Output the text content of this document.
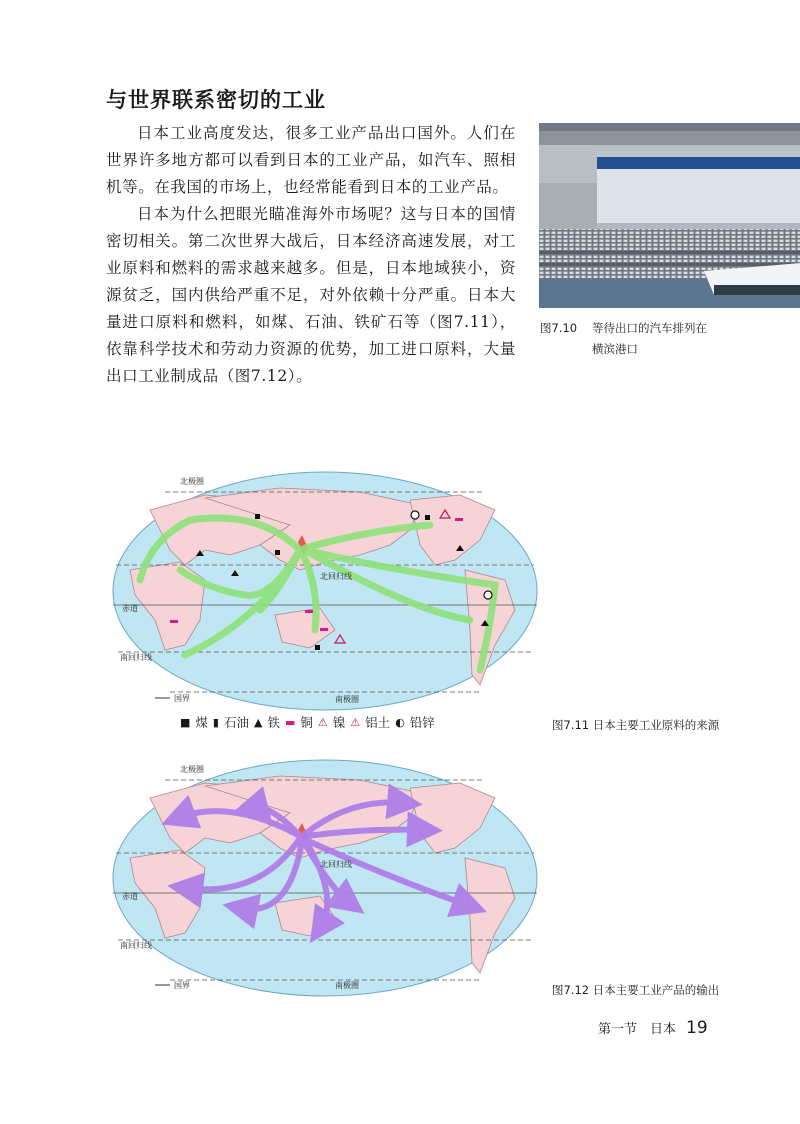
与世界联系密切的工业

日本工业高度发达，很多工业产品出口国外。人们在世界许多地方都可以看到日本的工业产品，如汽车、照相机等。在我国的市场上，也经常能看到日本的工业产品。

日本为什么把眼光瞄准海外市场呢？这与日本的国情密切相关。第二次世界大战后，日本经济高速发展，对工业原料和燃料的需求越来越多。但是，日本地域狭小，资源贫乏，国内供给严重不足，对外依赖十分严重。日本大量进口原料和燃料，如煤、石油、铁矿石等（图7.11），依靠科学技术和劳动力资源的优势，加工进口原料，大量出口工业制成品（图7.12）。

图7.10 等待出口的汽车排列在
横滨港口
北极圈
北回归线
赤道
南回归线
南极圈
国界
■ 煤 ▮ 石油 ▲ 铁 ▬ 铜 ⚠ 镍 ⚠ 铝土 ◐ 铅锌	图7.11 日本主要工业原料的来源
北极圈
北回归线
赤道
南回归线
南极圈
国界	图7.12 日本主要工业产品的输出
第一节　日本 19
